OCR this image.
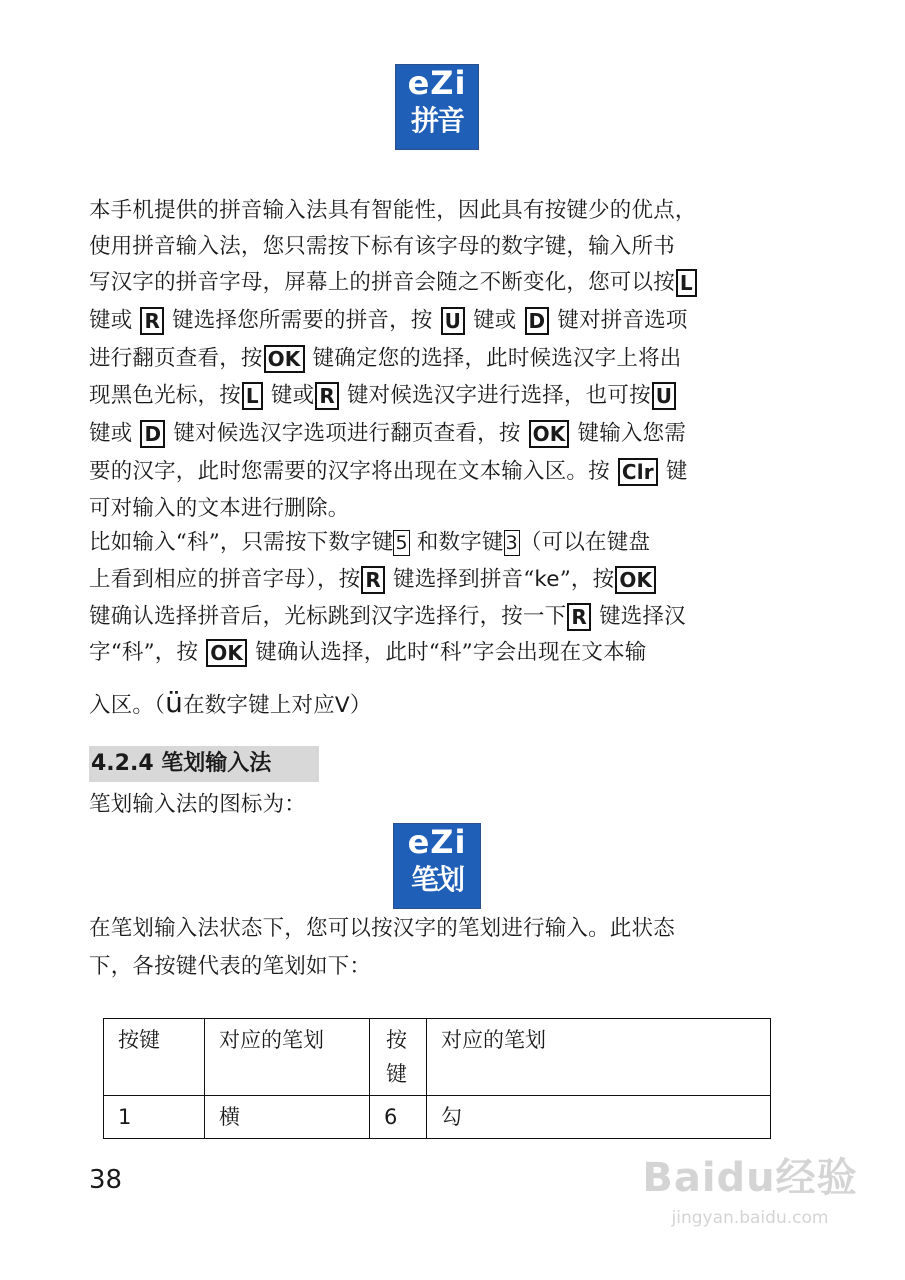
eZi
拼音
本手机提供的拼音输入法具有智能性，因此具有按键少的优点，
使用拼音输入法，您只需按下标有该字母的数字键，输入所书
写汉字的拼音字母，屏幕上的拼音会随之不断变化，您可以按 L
键或 R 键选择您所需要的拼音，按 U 键或 D 键对拼音选项
进行翻页查看，按 OK 键确定您的选择，此时候选汉字上将出
现黑色光标，按 L 键或 R 键对候选汉字进行选择，也可按 U
键或 D 键对候选汉字选项进行翻页查看，按 OK 键输入您需
要的汉字，此时您需要的汉字将出现在文本输入区。按 Clr 键
可对输入的文本进行删除。
比如输入“科”，只需按下数字键 5 和数字键 3（可以在键盘
上看到相应的拼音字母），按 R 键选择到拼音“ke”，按 OK
键确认选择拼音后，光标跳到汉字选择行，按一下 R 键选择汉
字“科”，按 OK 键确认选择，此时“科”字会出现在文本输
入区。（ü在数字键上对应V）
4.2.4 笔划输入法
笔划输入法的图标为：
eZi
笔划
在笔划输入法状态下，您可以按汉字的笔划进行输入。此状态
下，各按键代表的笔划如下：
按键	对应的笔划	按键	对应的笔划
1	横	6	勾
38	Baidu经验
jingyan.baidu.com
